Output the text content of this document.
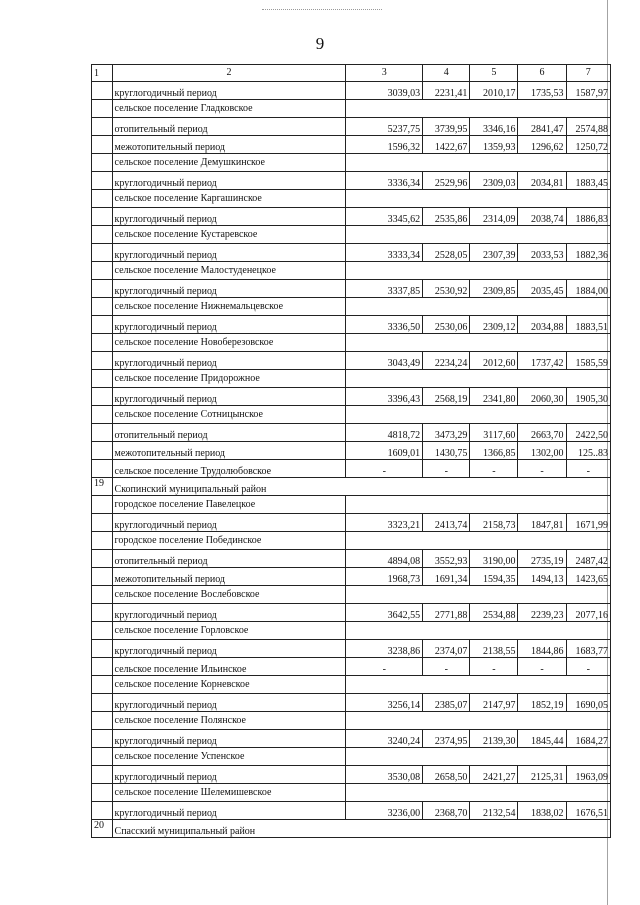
9
1	2	3	4	5	6	7
	круглогодичный период	3039,03	2231,41	2010,17	1735,53	1587,97
	сельское поселение Гладковское					
	отопительный период	5237,75	3739,95	3346,16	2841,47	2574,88
	межотопительный период	1596,32	1422,67	1359,93	1296,62	1250,72
	сельское поселение Демушкинское					
	круглогодичный период	3336,34	2529,96	2309,03	2034,81	1883,45
	сельское поселение Каргашинское					
	круглогодичный период	3345,62	2535,86	2314,09	2038,74	1886,83
	сельское поселение Кустаревское					
	круглогодичный период	3333,34	2528,05	2307,39	2033,53	1882,36
	сельское поселение Малостуденецкое					
	круглогодичный период	3337,85	2530,92	2309,85	2035,45	1884,00
	сельское поселение Нижнемальцевское					
	круглогодичный период	3336,50	2530,06	2309,12	2034,88	1883,51
	сельское поселение Новоберезовское					
	круглогодичный период	3043,49	2234,24	2012,60	1737,42	1585,59
	сельское поселение Придорожное					
	круглогодичный период	3396,43	2568,19	2341,80	2060,30	1905,30
	сельское поселение Сотницынское					
	отопительный период	4818,72	3473,29	3117,60	2663,70	2422,50
	межотопительный период	1609,01	1430,75	1366,85	1302,00	125..83
	сельское поселение Трудолюбовское	-	-	-	-	-
19	Скопинский муниципальный район					
	городское поселение Павелецкое					
	круглогодичный период	3323,21	2413,74	2158,73	1847,81	1671,99
	городское поселение Побединское					
	отопительный период	4894,08	3552,93	3190,00	2735,19	2487,42
	межотопительный период	1968,73	1691,34	1594,35	1494,13	1423,65
	сельское поселение Вослебовское					
	круглогодичный период	3642,55	2771,88	2534,88	2239,23	2077,16
	сельское поселение Горловское					
	круглогодичный период	3238,86	2374,07	2138,55	1844,86	1683,77
	сельское поселение Ильинское	-	-	-	-	-
	сельское поселение Корневское					
	круглогодичный период	3256,14	2385,07	2147,97	1852,19	1690,05
	сельское поселение Полянское					
	круглогодичный период	3240,24	2374,95	2139,30	1845,44	1684,27
	сельское поселение Успенское					
	круглогодичный период	3530,08	2658,50	2421,27	2125,31	1963,09
	сельское поселение Шелемишевское					
	круглогодичный период	3236,00	2368,70	2132,54	1838,02	1676,51
20	Спасский муниципальный район					
